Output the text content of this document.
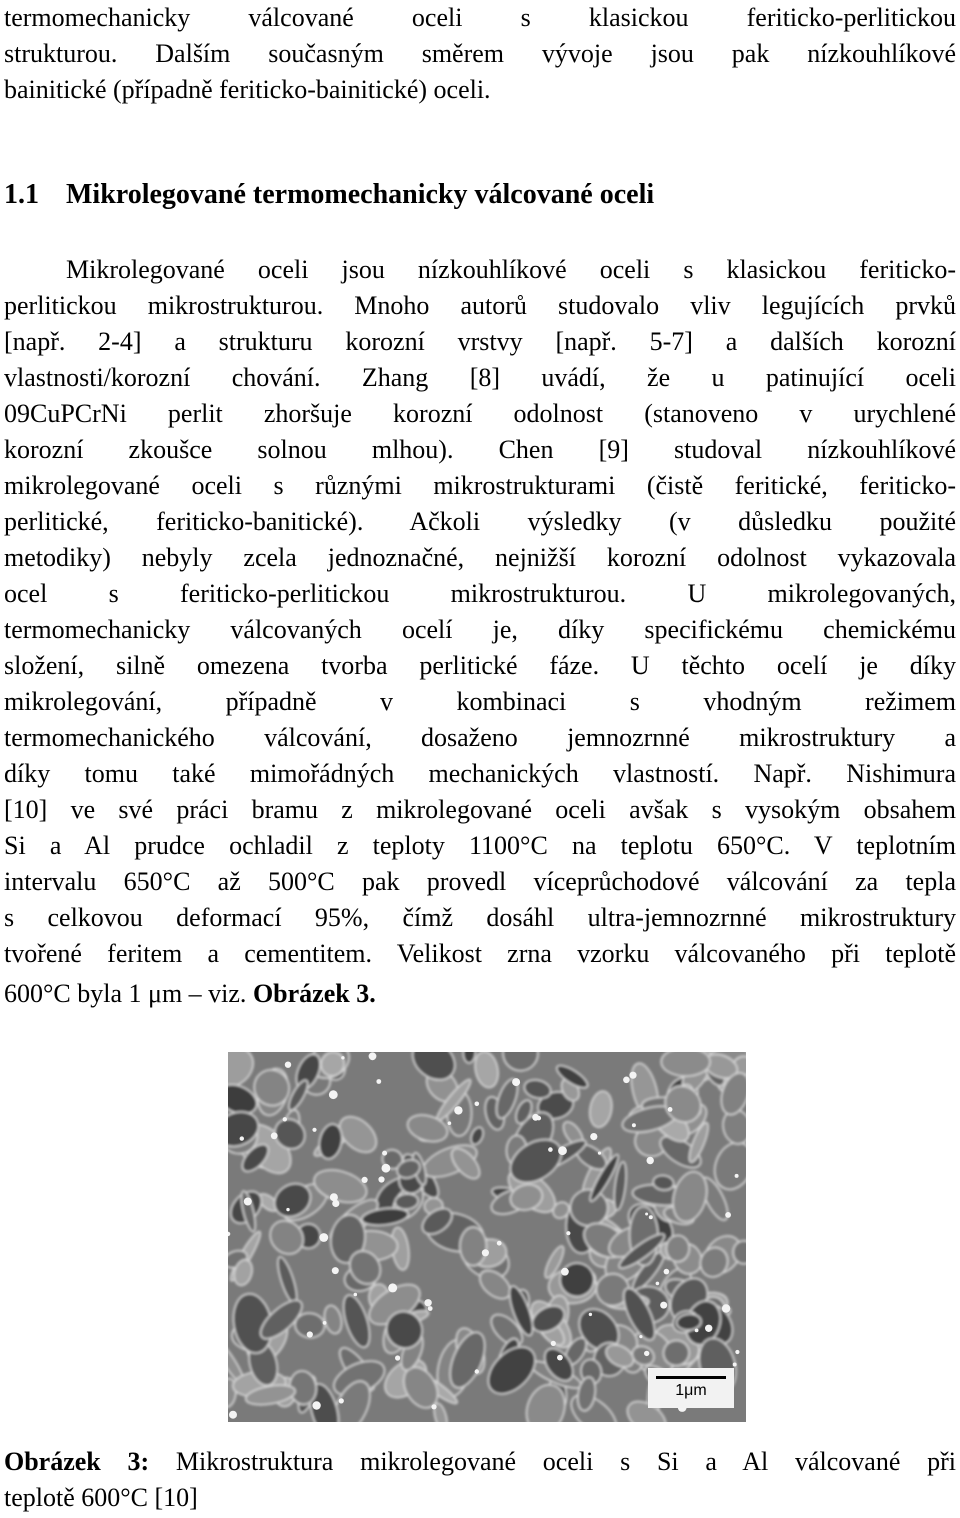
termomechanicky válcované oceli s klasickou feriticko-perlitickou
strukturou. Dalším současným směrem vývoje jsou pak nízkouhlíkové
bainitické (případně feriticko-bainitické) oceli.
1.1 Mikrolegované termomechanicky válcované oceli
Mikrolegované oceli jsou nízkouhlíkové oceli s klasickou feriticko-
perlitickou mikrostrukturou. Mnoho autorů studovalo vliv legujících prvků
[např. 2-4] a strukturu korozní vrstvy [např. 5-7] a dalších korozní
vlastnosti/korozní chování. Zhang [8] uvádí, že u patinující oceli
09CuPCrNi perlit zhoršuje korozní odolnost (stanoveno v urychlené
korozní zkoušce solnou mlhou). Chen [9] studoval nízkouhlíkové
mikrolegované oceli s různými mikrostrukturami (čistě feritické, feriticko-
perlitické, feriticko-banitické). Ačkoli výsledky (v důsledku použité
metodiky) nebyly zcela jednoznačné, nejnižší korozní odolnost vykazovala
ocel s feriticko-perlitickou mikrostrukturou. U mikrolegovaných,
termomechanicky válcovaných ocelí je, díky specifickému chemickému
složení, silně omezena tvorba perlitické fáze. U těchto ocelí je díky
mikrolegování, případně v kombinaci s vhodným režimem
termomechanického válcování, dosaženo jemnozrnné mikrostruktury a
díky tomu také mimořádných mechanických vlastností. Např. Nishimura
[10] ve své práci bramu z mikrolegované oceli avšak s vysokým obsahem
Si a Al prudce ochladil z teploty 1100°C na teplotu 650°C. V teplotním
intervalu 650°C až 500°C pak provedl víceprůchodové válcování za tepla
s celkovou deformací 95%, čímž dosáhl ultra-jemnozrnné mikrostruktury
tvořené feritem a cementitem. Velikost zrna vzorku válcovaného při teplotě
600°C byla 1 μm – viz. Obrázek 3.
1μm
Obrázek 3: Mikrostruktura mikrolegované oceli s Si a Al válcované při
teplotě 600°C [10]
